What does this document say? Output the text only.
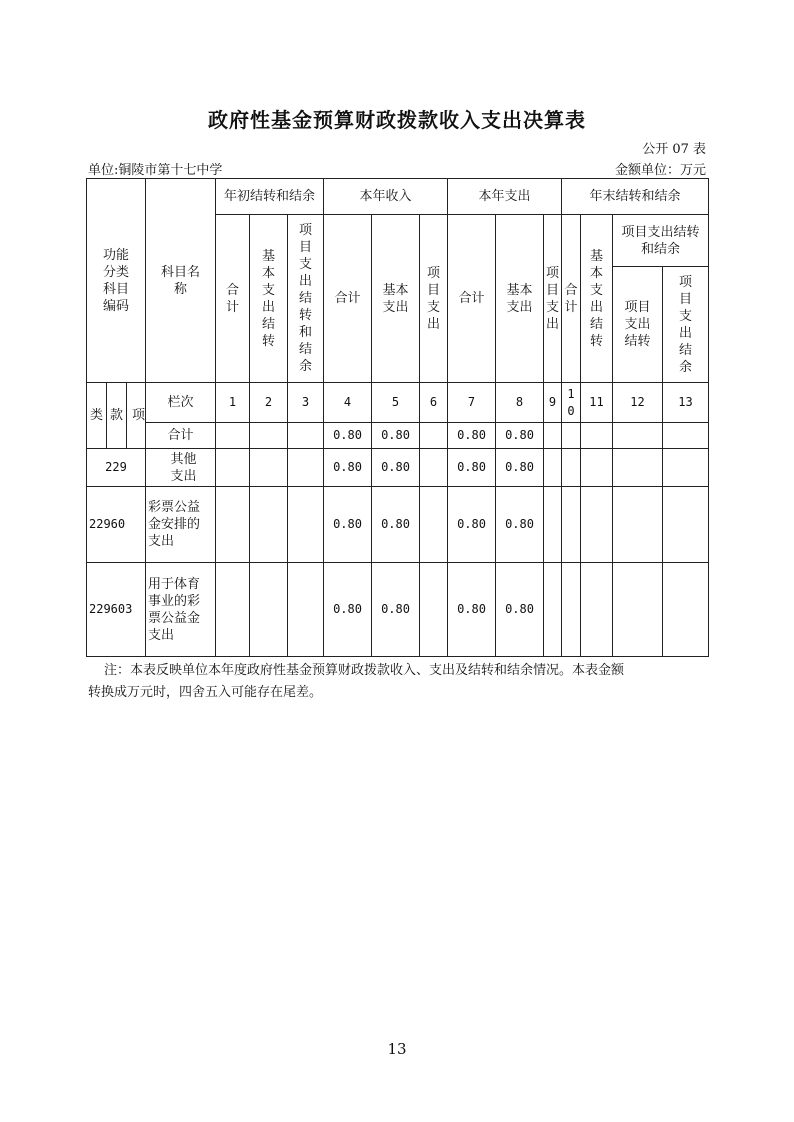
政府性基金预算财政拨款收入支出决算表
公开 07 表
单位:铜陵市第十七中学	金额单位：万元
功能分类科目编码			科目名称	年初结转和结余			本年收入			本年支出			年末结转和结余			
				合计	基本支出结转	项目支出结转和结余	合计	基本支出	项目支出	合计	基本支出	项目支出	合计	基本支出结转	项目支出结转和结余	
															项目支出结转	项目支出结余
类	款	项	栏次	1	2	3	4	5	6	7	8	9	10	11	12	13
			合计				0.80	0.80		0.80	0.80					
229			其他支出				0.80	0.80		0.80	0.80					
22960			彩票公益金安排的支出				0.80	0.80		0.80	0.80					
229603			用于体育事业的彩票公益金支出				0.80	0.80		0.80	0.80					
注：本表反映单位本年度政府性基金预算财政拨款收入、支出及结转和结余情况。本表金额
转换成万元时，四舍五入可能存在尾差。
13
